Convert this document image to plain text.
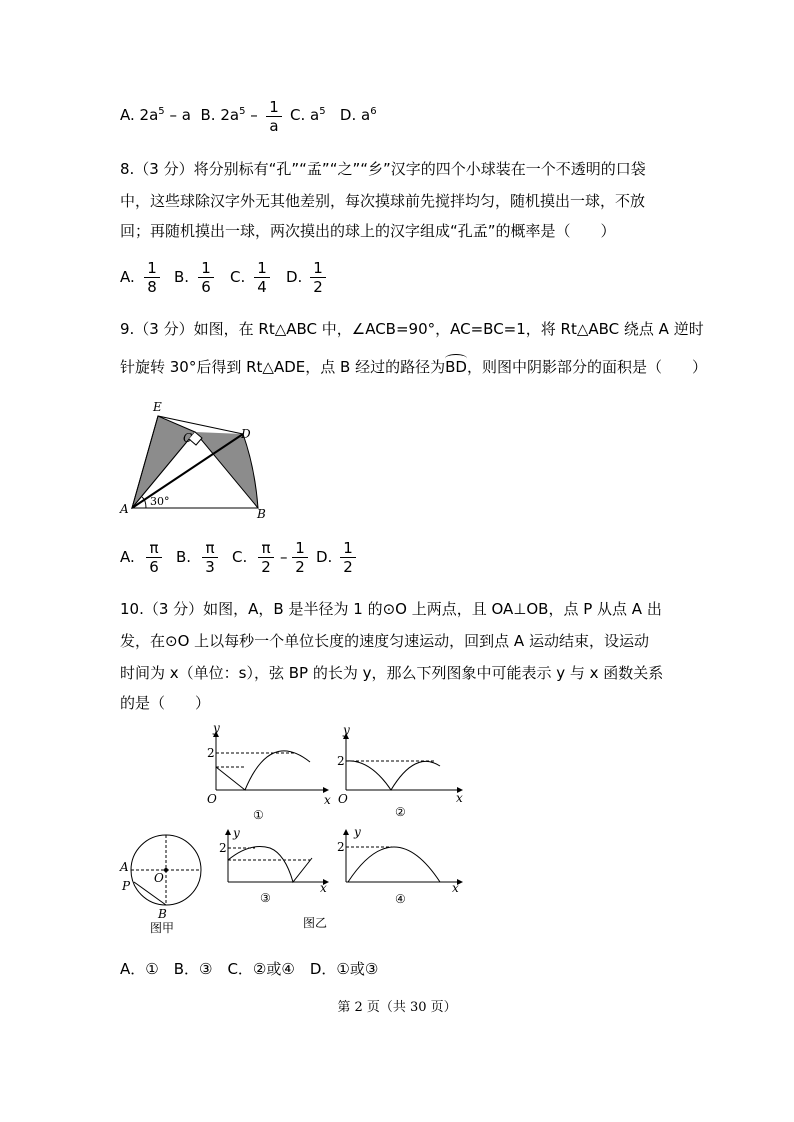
A. $2a^5$ – a B. $2a^5 - 1$
a
C. $a^5$ D. $a^6$
8.（3 分）将分别标有“孔”“孟”“之”“乡”汉字的四个小球装在一个不透明的口袋
中，这些球除汉字外无其他差别，每次摸球前先搅拌均匀，随机摸出一球，不放
回；再随机摸出一球，两次摸出的球上的汉字组成“孔孟”的概率是（　　）
A. 1
8
B. 1
6
C. 1
4
D. 1
2
9.（3 分）如图，在 Rt△ABC 中，∠ACB=90°，AC=BC=1，将 Rt△ABC 绕点 A 逆时
针旋转 30°后得到 Rt△ADE，点 B 经过的路径为
BD，则图中阴影部分的面积是（　　）
E
C	D
A	B
30°
A. π
6
B. π
3
C. π
2
– 1
2
D. 1
2
10.（3 分）如图，A，B 是半径为 1 的⊙O 上两点，且 OA⊥OB，点 P 从点 A 出
发，在⊙O 上以每秒一个单位长度的速度匀速运动，回到点 A 运动结束，设运动
时间为 x（单位：s），弦 BP 的长为 y，那么下列图象中可能表示 y 与 x 函数关系
的是（　　）
y
x
O
y
x
O
y
x
y
x
A
P
O
B
2
2
2	2
①	②
③	④
图甲	图乙
A．①　B．③　C．②或④　D．①或③
第 2 页（共 30 页）
